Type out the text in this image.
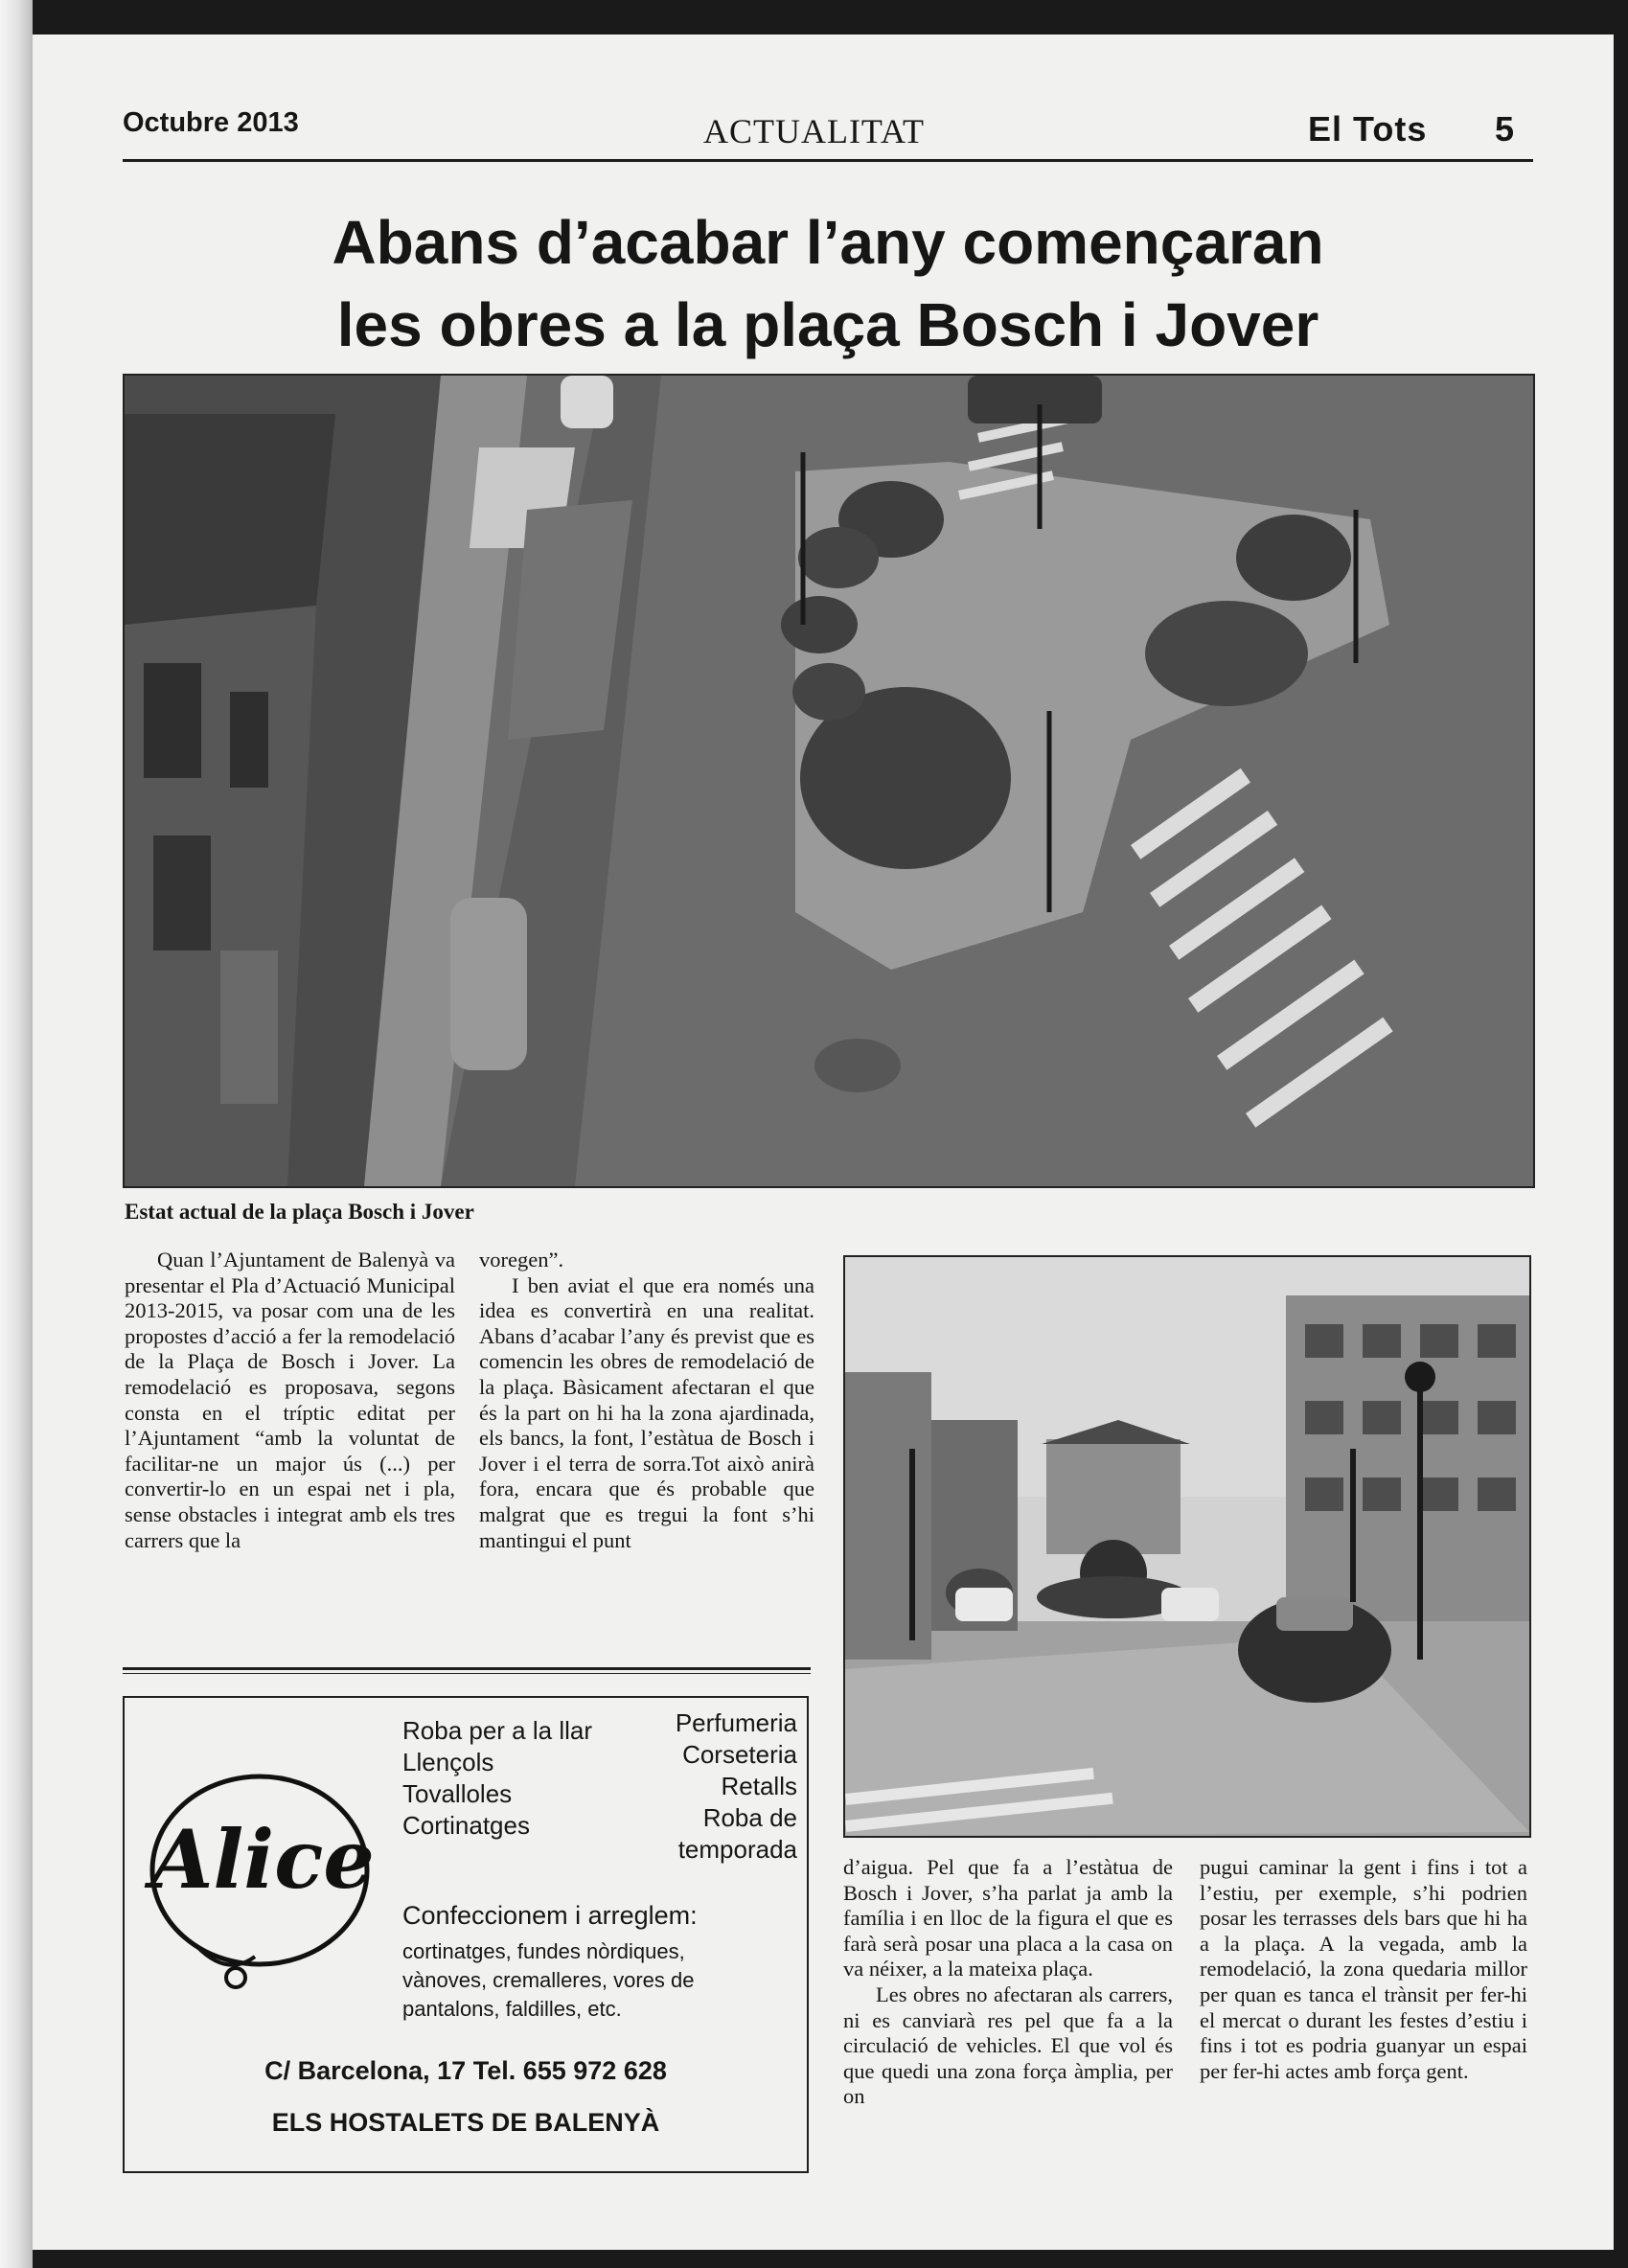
Octubre 2013	ACTUALITAT	El Tots 5
Abans d’acabar l’any començaran
les obres a la plaça Bosch i Jover
Estat actual de la plaça Bosch i Jover

Quan l’Ajuntament de Balenyà va presentar el Pla d’Actuació Municipal 2013-2015, va posar com una de les propostes d’acció a fer la remodelació de la Plaça de Bosch i Jover. La remodelació es proposava, segons consta en el tríptic editat per l’Ajuntament “amb la voluntat de facilitar-ne un major ús (...) per convertir-lo en un espai net i pla, sense obstacles i integrat amb els tres carrers que la

voregen”.

I ben aviat el que era només una idea es convertirà en una realitat. Abans d’acabar l’any és previst que es comencin les obres de remodelació de la plaça. Bàsicament afectaran el que és la part on hi ha la zona ajardinada, els bancs, la font, l’estàtua de Bosch i Jover i el terra de sorra.Tot això anirà fora, encara que és probable que malgrat que es tregui la font s’hi mantingui el punt

d’aigua. Pel que fa a l’estàtua de Bosch i Jover, s’ha parlat ja amb la família i en lloc de la figura el que es farà serà posar una placa a la casa on va néixer, a la mateixa plaça.

Les obres no afectaran als carrers, ni es canviarà res pel que fa a la circulació de vehicles. El que vol és que quedi una zona força àmplia, per on

pugui caminar la gent i fins i tot a l’estiu, per exemple, s’hi podrien posar les terrasses dels bars que hi ha a la plaça. A la vegada, amb la remodelació, la zona quedaria millor per quan es tanca el trànsit per fer-hi el mercat o durant les festes d’estiu i fins i tot es podria guanyar un espai per fer-hi actes amb força gent.

Alice
Roba per a la llar
Llençols
Tovalloles
Cortinatges
Perfumeria
Corseteria
Retalls
Roba de
temporada
Confeccionem i arreglem:
cortinatges, fundes nòrdiques,
vànoves, cremalleres, vores de
pantalons, faldilles, etc.
C/ Barcelona, 17 Tel. 655 972 628
ELS HOSTALETS DE BALENYÀ
